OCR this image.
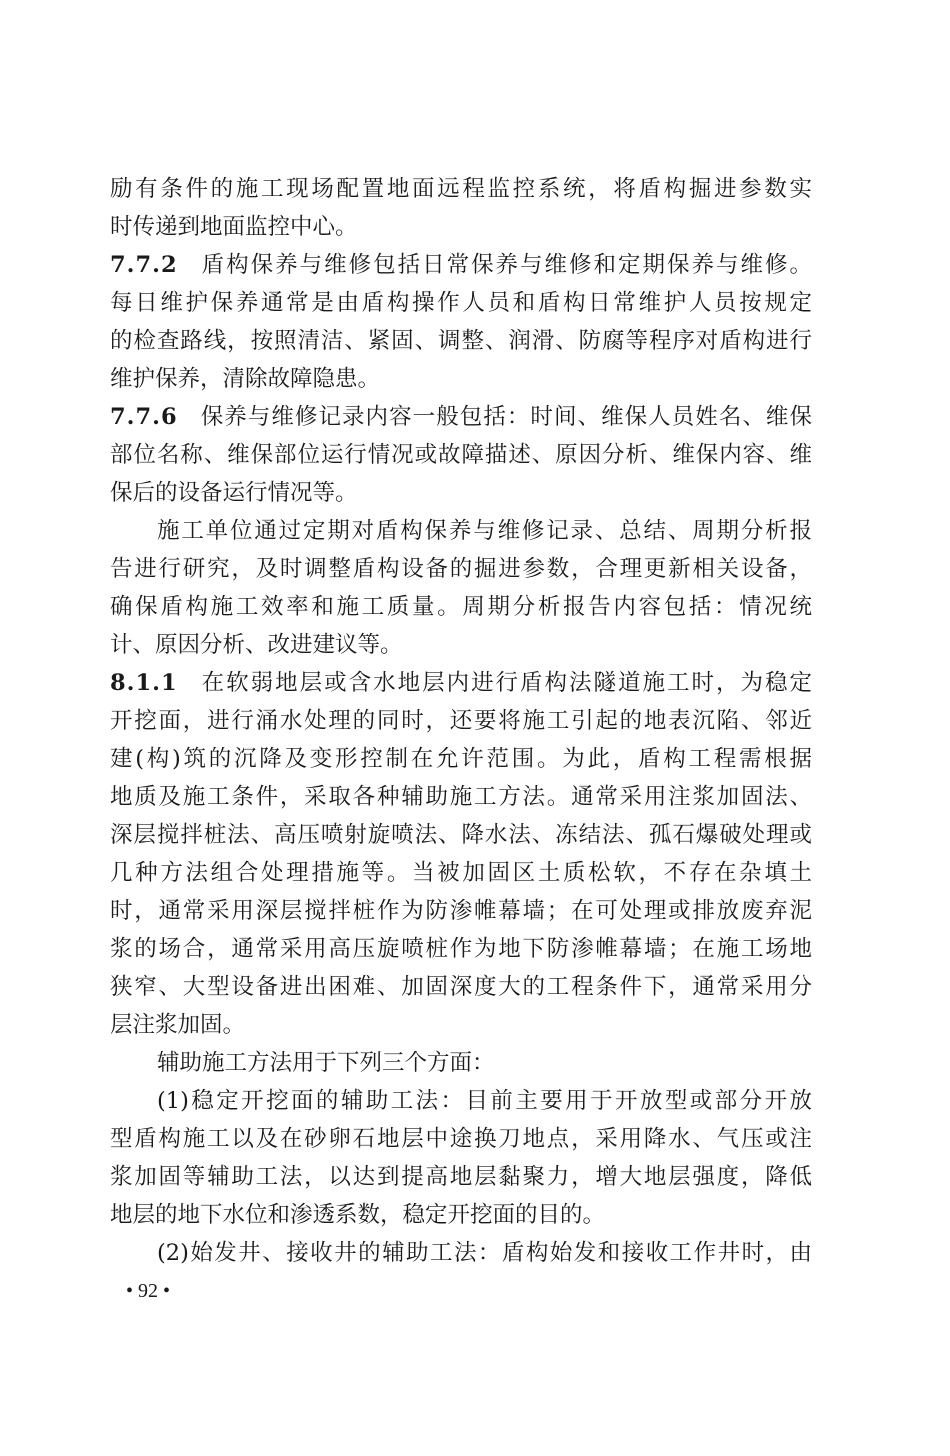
励有条件的施工现场配置地面远程监控系统，将盾构掘进参数实
时传递到地面监控中心。
7.7.2 盾构保养与维修包括日常保养与维修和定期保养与维修。
每日维护保养通常是由盾构操作人员和盾构日常维护人员按规定
的检查路线，按照清洁、紧固、调整、润滑、防腐等程序对盾构进行
维护保养，清除故障隐患。
7.7.6 保养与维修记录内容一般包括：时间、维保人员姓名、维保
部位名称、维保部位运行情况或故障描述、原因分析、维保内容、维
保后的设备运行情况等。
施工单位通过定期对盾构保养与维修记录、总结、周期分析报
告进行研究，及时调整盾构设备的掘进参数，合理更新相关设备，
确保盾构施工效率和施工质量。周期分析报告内容包括：情况统
计、原因分析、改进建议等。
8.1.1 在软弱地层或含水地层内进行盾构法隧道施工时，为稳定
开挖面，进行涌水处理的同时，还要将施工引起的地表沉陷、邻近
建(构)筑的沉降及变形控制在允许范围。为此，盾构工程需根据
地质及施工条件，采取各种辅助施工方法。通常采用注浆加固法、
深层搅拌桩法、高压喷射旋喷法、降水法、冻结法、孤石爆破处理或
几种方法组合处理措施等。当被加固区土质松软，不存在杂填土
时，通常采用深层搅拌桩作为防渗帷幕墙；在可处理或排放废弃泥
浆的场合，通常采用高压旋喷桩作为地下防渗帷幕墙；在施工场地
狭窄、大型设备进出困难、加固深度大的工程条件下，通常采用分
层注浆加固。
辅助施工方法用于下列三个方面：
(1)稳定开挖面的辅助工法：目前主要用于开放型或部分开放
型盾构施工以及在砂卵石地层中途换刀地点，采用降水、气压或注
浆加固等辅助工法，以达到提高地层黏聚力，增大地层强度，降低
地层的地下水位和渗透系数，稳定开挖面的目的。
(2)始发井、接收井的辅助工法：盾构始发和接收工作井时，由
• 92 •
